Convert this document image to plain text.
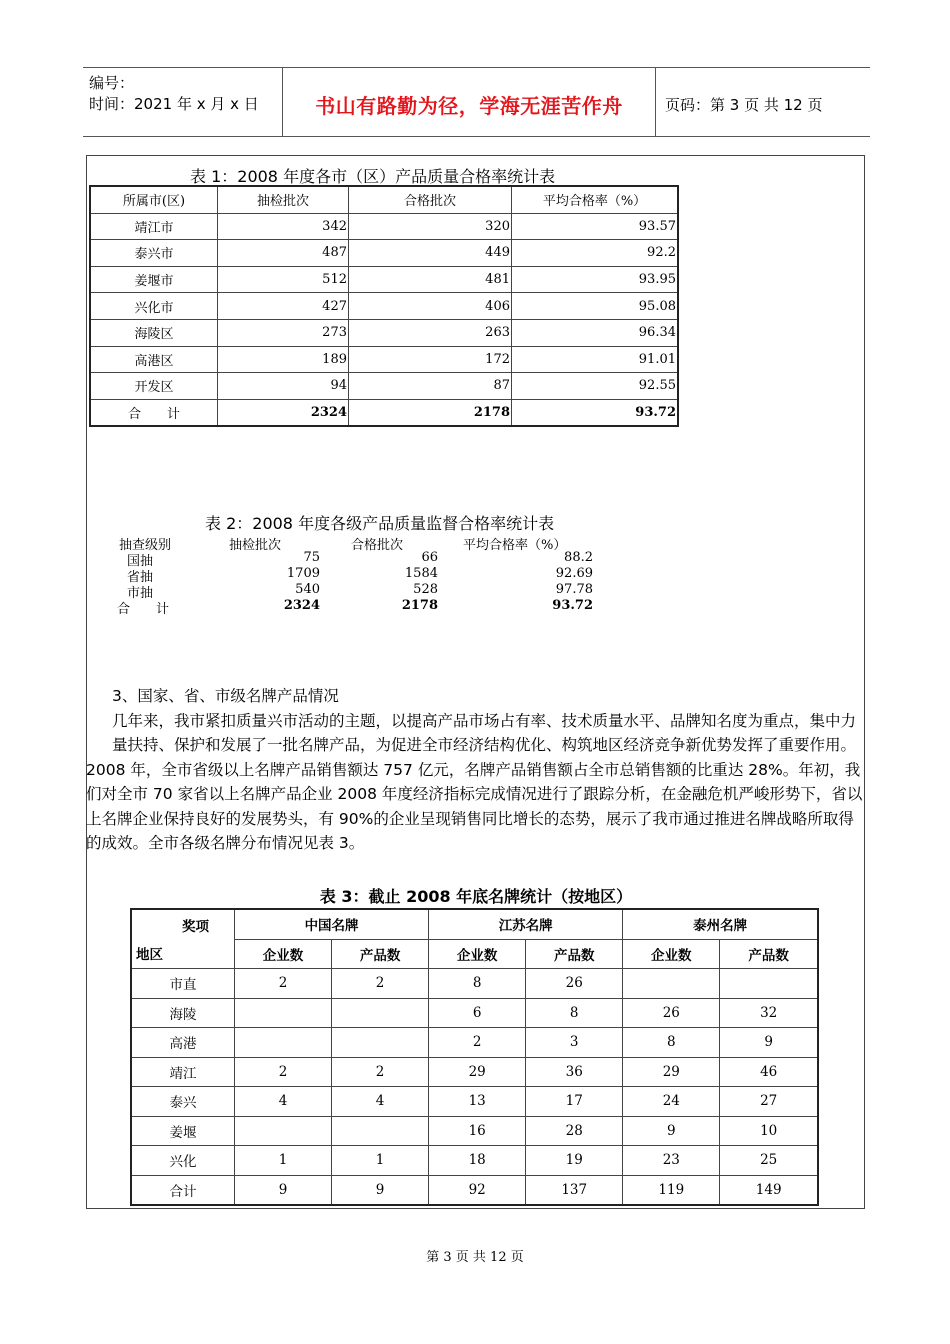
编号：
时间：2021 年 x 月 x 日	书山有路勤为径，学海无涯苦作舟	页码：第 3 页 共 12 页
表 1：2008 年度各市（区）产品质量合格率统计表
所属市(区)	抽检批次	合格批次	平均合格率（%）
靖江市	342	320	93.57
泰兴市	487	449	92.2
姜堰市	512	481	93.95
兴化市	427	406	95.08
海陵区	273	263	96.34
高港区	189	172	91.01
开发区	94	87	92.55
合　　计	2324	2178	93.72
表 2：2008 年度各级产品质量监督合格率统计表
抽查级别	抽检批次	合格批次	平均合格率（%）
国抽	75	66	88.2
省抽	1709	1584	92.69
市抽	540	528	97.78
合　　计	2324	2178	93.72

3、国家、省、市级名牌产品情况

几年来，我市紧扣质量兴市活动的主题，以提高产品市场占有率、技术质量水平、品牌知名度为重点，集中力量扶持、保护和发展了一批名牌产品，为促进全市经济结构优化、构筑地区经济竞争新优势发挥了重要作用。

2008 年，全市省级以上名牌产品销售额达 757 亿元，名牌产品销售额占全市总销售额的比重达 28%。年初，我们对全市 70 家省以上名牌产品企业 2008 年度经济指标完成情况进行了跟踪分析，在金融危机严峻形势下，省以上名牌企业保持良好的发展势头，有 90%的企业呈现销售同比增长的态势，展示了我市通过推进名牌战略所取得的成效。全市各级名牌分布情况见表 3。

表 3：截止 2008 年底名牌统计（按地区）
奖项
地区	中国名牌		江苏名牌		泰州名牌	
	企业数	产品数	企业数	产品数	企业数	产品数
市直	2	2	8	26		
海陵			6	8	26	32
高港			2	3	8	9
靖江	2	2	29	36	29	46
泰兴	4	4	13	17	24	27
姜堰			16	28	9	10
兴化	1	1	18	19	23	25
合计	9	9	92	137	119	149
第 3 页 共 12 页
